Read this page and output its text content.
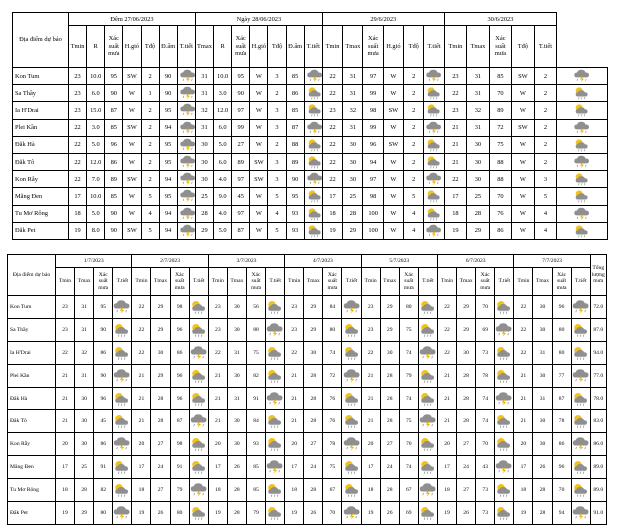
Địa điểm dự báo	Đêm 27/06/2023							Ngày 28/06/2023							29/6/2023						30/6/2023					
	Tmin	R	Xác suất mưa	H.gió	Tđộ	Đ.ẩm	T.tiết	Tmax	R	Xác suất mưa	H.gió	Tđộ	Đ.ẩm	T.tiết	Tmin	Tmax	Xác suất mưa	H.gió	Tđộ	T.tiết	Tmin	Tmax	Xác suất mưa	Tđộ	T.tiết	
Kon Tum	23	10.0	95	SW	2	90		31	10.0	95	W	3	85		22	31	97	W	2		23	31	85	SW	2	

Sa Thầy	23	6.0	90	W	1	90		31	3.0	90	W	2	86		22	31	99	W	2		22	31	70	W	2	

Ia H'Drai	23	15.0	87	W	2	95		32	12.0	97	W	3	85		23	32	98	SW	2		23	32	89	W	2	

Plei Kần	22	3.0	85	SW	2	94		31	6.0	99	W	3	87		22	31	99	W	2		21	31	72	SW	2	

Đăk Hà	22	5.0	96	W	2	95		30	5.0	27	W	2	88		22	30	96	SW	2		21	30	75	W	2	

Đăk Tô	22	12.0	86	W	2	95		30	6.0	89	SW	3	89		22	30	94	W	2		21	30	88	W	2	

Kon Rẫy	22	7.0	89	SW	2	94		30	4.0	97	SW	3	90		22	30	97	W	2		22	30	88	W	3	

Măng Đen	17	10.0	85	W	5	95		25	9.0	45	W	5	95		17	25	98	W	5		17	25	70	W	5	

Tu Mơ Rông	18	5.0	90	W	4	94		28	4.0	97	W	4	93		18	28	100	W	4		18	28	76	W	4	

Đăk Pet	19	8.0	90	SW	5	94		29	5.0	87	W	5	93		19	29	100	W	4		19	29	86	W	4	
Địa điểm dự báo	1/7/2023				2/7/2023				3/7/2023				4/7/2023				5/7/2023				6/7/2023				7/7/2023				Tổng lượng mưa
	Tmin	Tmax	Xác suất mưa	T.tiết	Tmin	Tmax	Xác suất mưa	T.tiết	Tmin	Tmax	Xác suất mưa	T.tiết	Tmin	Tmax	Xác suất mưa	T.tiết	Tmin	Tmax	Xác suất mưa	T.tiết	Tmin	Tmax	Xác suất mưa	T.tiết	Tmin	Tmax	Xác suất mưa	T.tiết	
Kon Tum	23	31	95		22	29	98		23	30	56		23	29	84		23	29	80		22	29	70		22	30	96		72.0
Sa Thầy	23	31	90		22	29	96		23	30	88		23	29	80		23	29	75		22	29	69		22	30	80		87.0
Ia H'Drai	22	32	86		22	30	86		22	31	75		22	30	74		22	30	74		22	30	73		22	31	80		94.0
Plei Kần	21	31	90		21	29	96		21	30	82		21	28	72		21	28	79		21	28	78		21	30	77		77.0
Đăk Hà	21	30	96		21	28	96		21	31	91		21	28	76		21	28	74		21	28	74		21	31	87		78.0
Đăk Tô	21	30	45		21	28	87		21	30	84		21	28	76		21	28	75		21	28	74		21	30	78		83.0
Kon Rẫy	20	30	86		20	27	98		20	30	93		20	27	78		20	27	70		20	27	70		20	30	86		86.0
Măng Đen	17	25	91		17	24	91		17	26	85		17	24	75		17	24	74		17	24	43		17	26	96		89.0
Tu Mơ Rông	18	28	82		18	27	79		18	28	85		18	28	67		18	28	67		18	27	73		18	28	70		89.0
Đăk Pet	19	29	80		19	26	80		19	28	79		19	26	70		19	26	69		19	26	73		19	28	94		91.0
